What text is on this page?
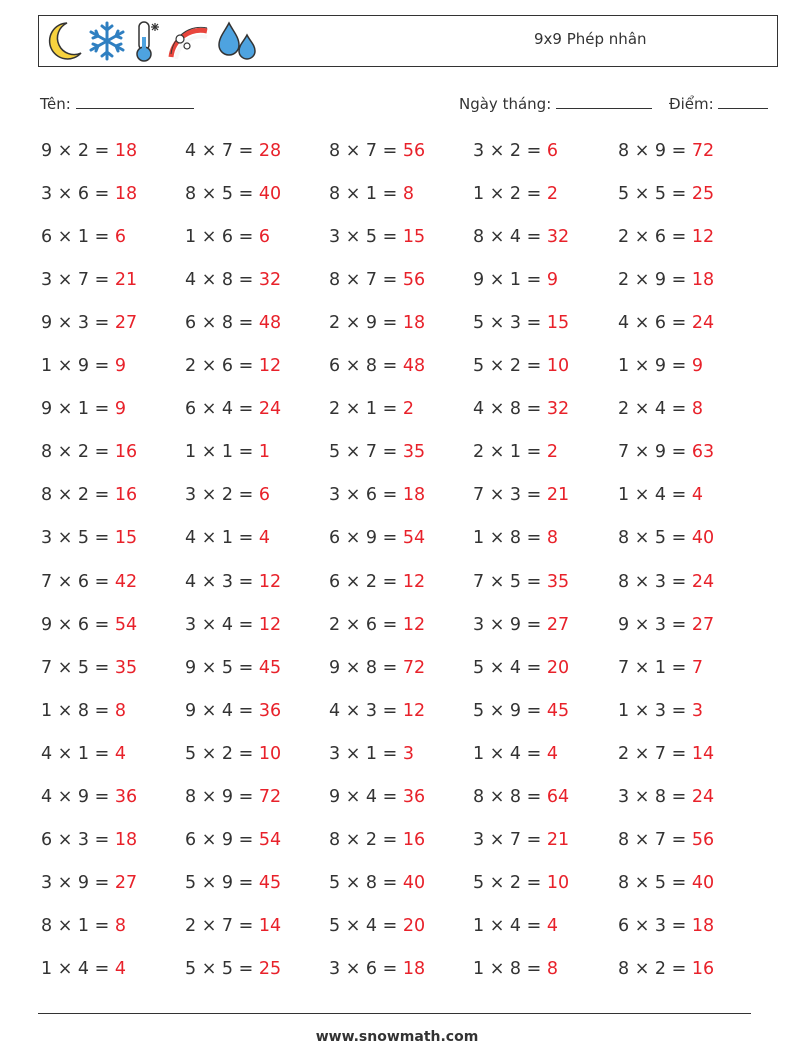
9x9 Phép nhân
Tên:	Ngày tháng:	Điểm:
9 × 2 = 18	4 × 7 = 28	8 × 7 = 56	3 × 2 = 6	8 × 9 = 72
3 × 6 = 18	8 × 5 = 40	8 × 1 = 8	1 × 2 = 2	5 × 5 = 25
6 × 1 = 6	1 × 6 = 6	3 × 5 = 15	8 × 4 = 32	2 × 6 = 12
3 × 7 = 21	4 × 8 = 32	8 × 7 = 56	9 × 1 = 9	2 × 9 = 18
9 × 3 = 27	6 × 8 = 48	2 × 9 = 18	5 × 3 = 15	4 × 6 = 24
1 × 9 = 9	2 × 6 = 12	6 × 8 = 48	5 × 2 = 10	1 × 9 = 9
9 × 1 = 9	6 × 4 = 24	2 × 1 = 2	4 × 8 = 32	2 × 4 = 8
8 × 2 = 16	1 × 1 = 1	5 × 7 = 35	2 × 1 = 2	7 × 9 = 63
8 × 2 = 16	3 × 2 = 6	3 × 6 = 18	7 × 3 = 21	1 × 4 = 4
3 × 5 = 15	4 × 1 = 4	6 × 9 = 54	1 × 8 = 8	8 × 5 = 40
7 × 6 = 42	4 × 3 = 12	6 × 2 = 12	7 × 5 = 35	8 × 3 = 24
9 × 6 = 54	3 × 4 = 12	2 × 6 = 12	3 × 9 = 27	9 × 3 = 27
7 × 5 = 35	9 × 5 = 45	9 × 8 = 72	5 × 4 = 20	7 × 1 = 7
1 × 8 = 8	9 × 4 = 36	4 × 3 = 12	5 × 9 = 45	1 × 3 = 3
4 × 1 = 4	5 × 2 = 10	3 × 1 = 3	1 × 4 = 4	2 × 7 = 14
4 × 9 = 36	8 × 9 = 72	9 × 4 = 36	8 × 8 = 64	3 × 8 = 24
6 × 3 = 18	6 × 9 = 54	8 × 2 = 16	3 × 7 = 21	8 × 7 = 56
3 × 9 = 27	5 × 9 = 45	5 × 8 = 40	5 × 2 = 10	8 × 5 = 40
8 × 1 = 8	2 × 7 = 14	5 × 4 = 20	1 × 4 = 4	6 × 3 = 18
1 × 4 = 4	5 × 5 = 25	3 × 6 = 18	1 × 8 = 8	8 × 2 = 16
www.snowmath.com
